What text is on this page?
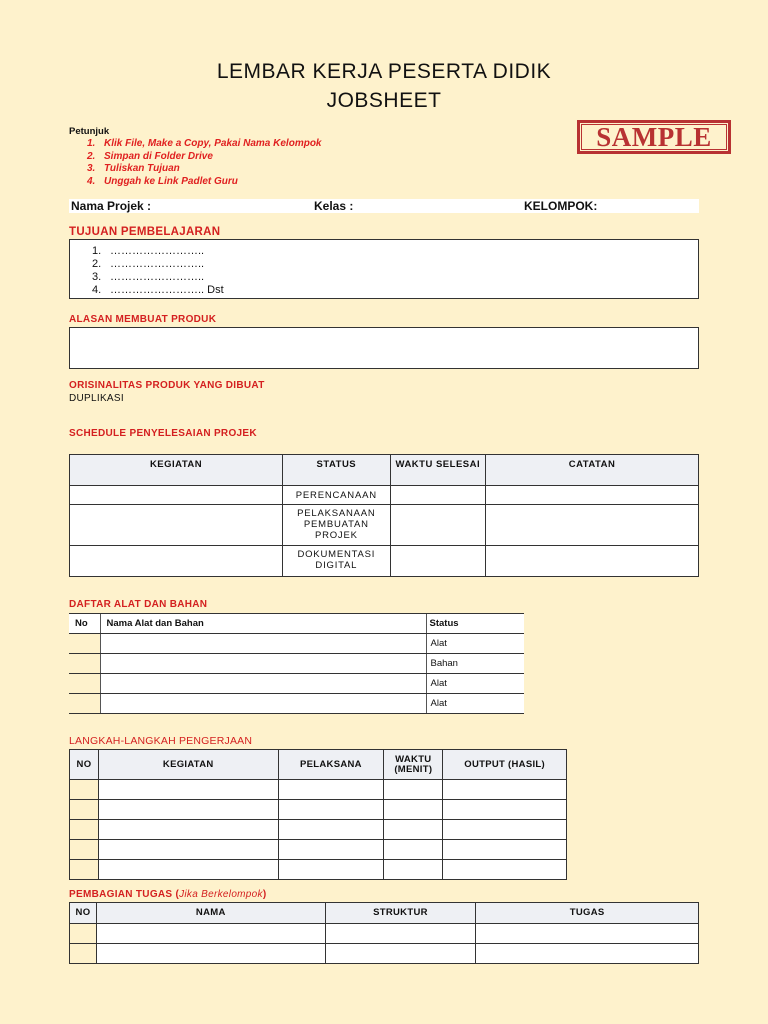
LEMBAR KERJA PESERTA DIDIK
JOBSHEET
Petunjuk
1. Klik File, Make a Copy, Pakai Nama Kelompok
2. Simpan di Folder Drive
3. Tuliskan Tujuan
4. Unggah ke Link Padlet Guru
SAMPLE
Nama Projek :	Kelas :	KELOMPOK:
TUJUAN PEMBELAJARAN
1. ……………………..
2. ……………………..
3. ……………………..
4. …………………….. Dst
ALASAN MEMBUAT PRODUK
ORISINALITAS PRODUK YANG DIBUAT
DUPLIKASI
SCHEDULE PENYELESAIAN PROJEK
KEGIATAN	STATUS	WAKTU SELESAI	CATATAN
	PERENCANAAN		
	PELAKSANAAN PEMBUATAN PROJEK		
	DOKUMENTASI DIGITAL		
DAFTAR ALAT DAN BAHAN
No	Nama Alat dan Bahan	Status
		Alat
		Bahan
		Alat
		Alat
LANGKAH-LANGKAH PENGERJAAN
NO	KEGIATAN	PELAKSANA	WAKTU (MENIT)	OUTPUT (HASIL)

PEMBAGIAN TUGAS (Jika Berkelompok)
NO	NAMA	STRUKTUR	TUGAS
